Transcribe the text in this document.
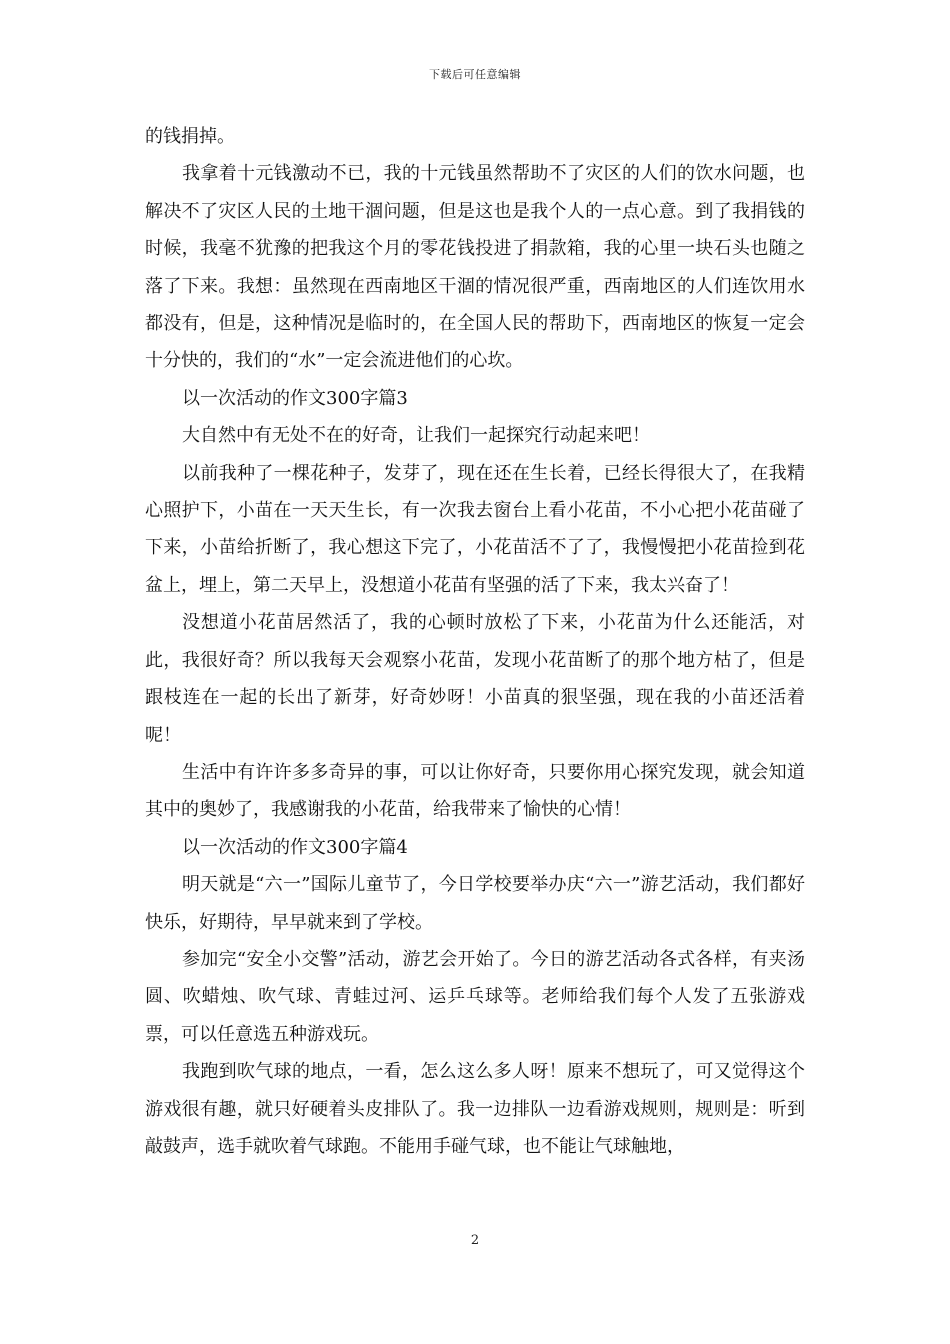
下载后可任意编辑

的钱捐掉。

我拿着十元钱激动不已，我的十元钱虽然帮助不了灾区的人们的饮水问题，也解决不了灾区人民的土地干涸问题，但是这也是我个人的一点心意。到了我捐钱的时候，我毫不犹豫的把我这个月的零花钱投进了捐款箱，我的心里一块石头也随之落了下来。我想：虽然现在西南地区干涸的情况很严重，西南地区的人们连饮用水都没有，但是，这种情况是临时的，在全国人民的帮助下，西南地区的恢复一定会十分快的，我们的“水”一定会流进他们的心坎。

以一次活动的作文300字篇3

大自然中有无处不在的好奇，让我们一起探究行动起来吧！

以前我种了一棵花种子，发芽了，现在还在生长着，已经长得很大了，在我精心照护下，小苗在一天天生长，有一次我去窗台上看小花苗，不小心把小花苗碰了下来，小苗给折断了，我心想这下完了，小花苗活不了了，我慢慢把小花苗捡到花盆上，埋上，第二天早上，没想道小花苗有坚强的活了下来，我太兴奋了！

没想道小花苗居然活了，我的心顿时放松了下来，小花苗为什么还能活，对此，我很好奇？所以我每天会观察小花苗，发现小花苗断了的那个地方枯了，但是跟枝连在一起的长出了新芽，好奇妙呀！小苗真的狠坚强，现在我的小苗还活着呢！

生活中有许许多多奇异的事，可以让你好奇，只要你用心探究发现，就会知道其中的奥妙了，我感谢我的小花苗，给我带来了愉快的心情！

以一次活动的作文300字篇4

明天就是“六一”国际儿童节了，今日学校要举办庆“六一”游艺活动，我们都好快乐，好期待，早早就来到了学校。

参加完“安全小交警”活动，游艺会开始了。今日的游艺活动各式各样，有夹汤圆、吹蜡烛、吹气球、青蛙过河、运乒乓球等。老师给我们每个人发了五张游戏票，可以任意选五种游戏玩。

我跑到吹气球的地点，一看，怎么这么多人呀！原来不想玩了，可又觉得这个游戏很有趣，就只好硬着头皮排队了。我一边排队一边看游戏规则，规则是：听到敲鼓声，选手就吹着气球跑。不能用手碰气球，也不能让气球触地，

2
